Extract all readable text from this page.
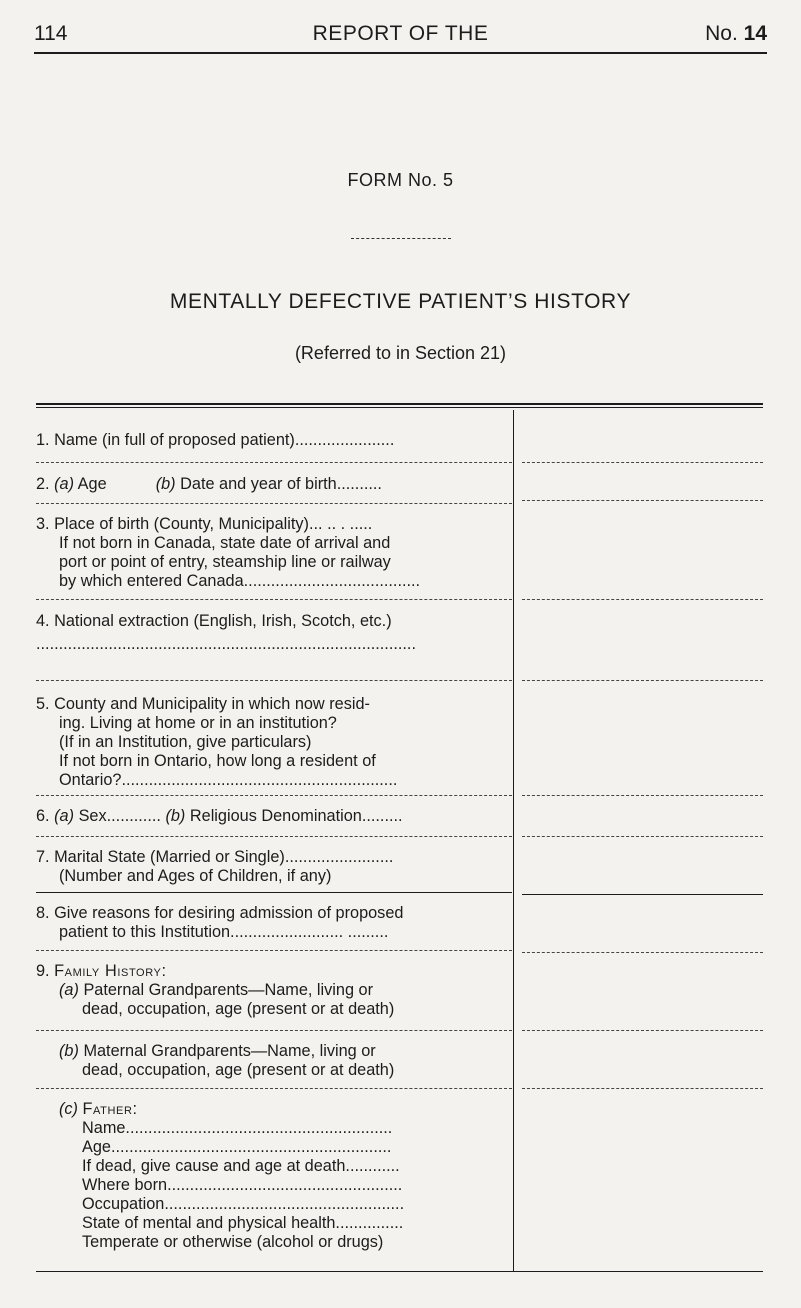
114	REPORT OF THE	No. 14
FORM No. 5
MENTALLY DEFECTIVE PATIENT’S HISTORY
(Referred to in Section 21)
1. Name (in full of proposed patient)......................
2. (a) Age	(b) Date and year of birth..........
3. Place of birth (County, Municipality)... .. . .....
If not born in Canada, state date of arrival and
port or point of entry, steamship line or railway
by which entered Canada.......................................
4. National extraction (English, Irish, Scotch, etc.)
....................................................................................
5. County and Municipality in which now resid-
ing. Living at home or in an institution?
(If in an Institution, give particulars)
If not born in Ontario, how long a resident of
Ontario?.............................................................
6. (a) Sex............ (b) Religious Denomination.........
7. Marital State (Married or Single)........................
(Number and Ages of Children, if any)
8. Give reasons for desiring admission of proposed
patient to this Institution......................... .........
9. Family History:
(a) Paternal Grandparents—Name, living or
dead, occupation, age (present or at death)
(b) Maternal Grandparents—Name, living or
dead, occupation, age (present or at death)
(c) Father:
Name...........................................................
Age..............................................................
If dead, give cause and age at death............
Where born....................................................
Occupation.....................................................
State of mental and physical health...............
Temperate or otherwise (alcohol or drugs)
